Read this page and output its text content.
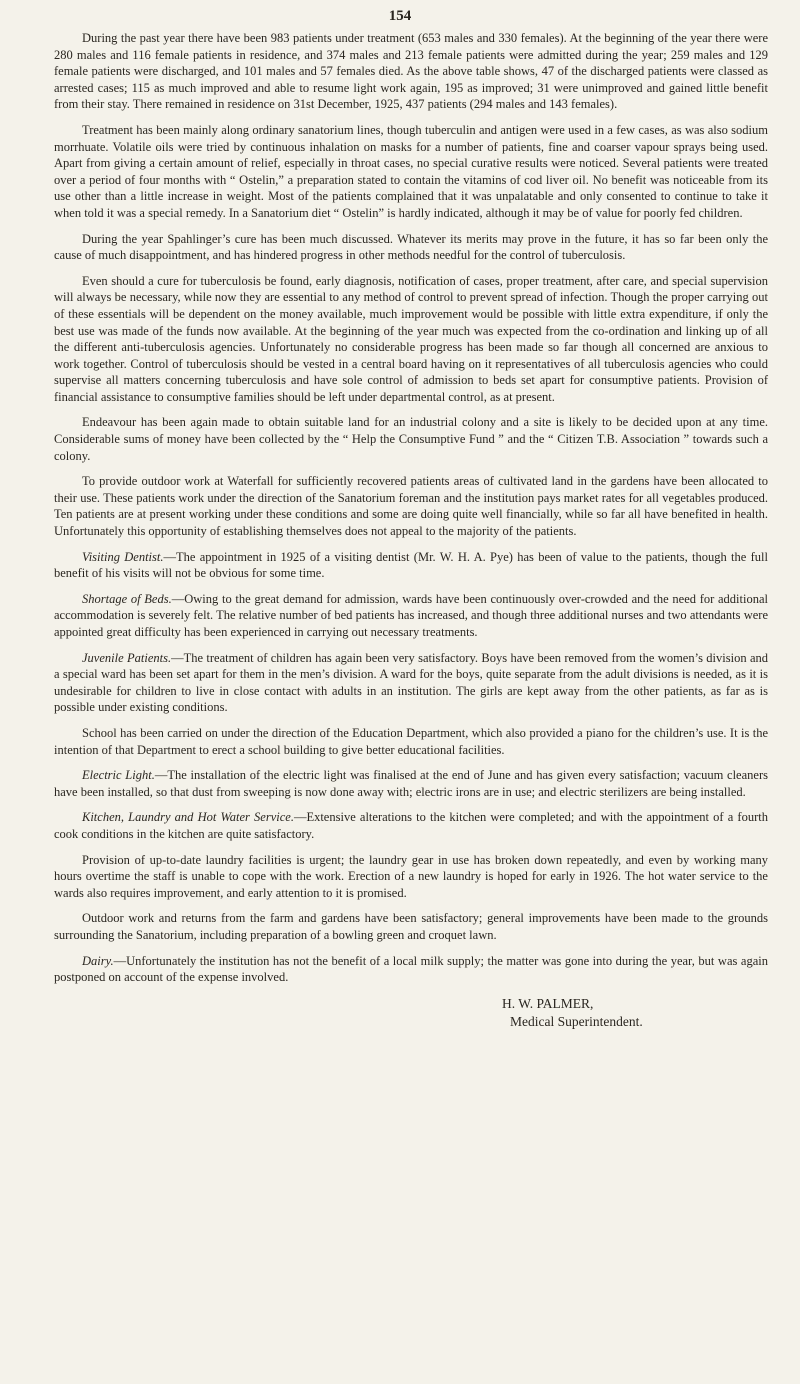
154

During the past year there have been 983 patients under treatment (653 males and 330 females). At the beginning of the year there were 280 males and 116 female patients in residence, and 374 males and 213 female patients were admitted during the year; 259 males and 129 female patients were discharged, and 101 males and 57 females died. As the above table shows, 47 of the discharged patients were classed as arrested cases; 115 as much improved and able to resume light work again, 195 as improved; 31 were unimproved and gained little benefit from their stay. There remained in residence on 31st December, 1925, 437 patients (294 males and 143 females).

Treatment has been mainly along ordinary sanatorium lines, though tuberculin and antigen were used in a few cases, as was also sodium morrhuate. Volatile oils were tried by continuous inhalation on masks for a number of patients, fine and coarser vapour sprays being used. Apart from giving a certain amount of relief, especially in throat cases, no special curative results were noticed. Several patients were treated over a period of four months with “ Ostelin,” a preparation stated to contain the vitamins of cod liver oil. No benefit was noticeable from its use other than a little increase in weight. Most of the patients complained that it was unpalatable and only consented to continue to take it when told it was a special remedy. In a Sanatorium diet “ Ostelin” is hardly indicated, although it may be of value for poorly fed children.

During the year Spahlinger’s cure has been much discussed. Whatever its merits may prove in the future, it has so far been only the cause of much disappointment, and has hindered progress in other methods needful for the control of tuberculosis.

Even should a cure for tuberculosis be found, early diagnosis, notification of cases, proper treatment, after care, and special supervision will always be necessary, while now they are essential to any method of control to prevent spread of infection. Though the proper carrying out of these essentials will be dependent on the money available, much improvement would be possible with little extra expenditure, if only the best use was made of the funds now available. At the beginning of the year much was expected from the co-ordination and linking up of all the different anti-tuberculosis agencies. Unfortunately no considerable progress has been made so far though all concerned are anxious to work together. Control of tuberculosis should be vested in a central board having on it representatives of all tuberculosis agencies who could supervise all matters concerning tuberculosis and have sole control of admission to beds set apart for consumptive patients. Provision of financial assistance to consumptive families should be left under departmental control, as at present.

Endeavour has been again made to obtain suitable land for an industrial colony and a site is likely to be decided upon at any time. Considerable sums of money have been collected by the “ Help the Consumptive Fund ” and the “ Citizen T.B. Association ” towards such a colony.

To provide outdoor work at Waterfall for sufficiently recovered patients areas of cultivated land in the gardens have been allocated to their use. These patients work under the direction of the Sanatorium foreman and the institution pays market rates for all vegetables produced. Ten patients are at present working under these conditions and some are doing quite well financially, while so far all have benefited in health. Unfortunately this opportunity of establishing themselves does not appeal to the majority of the patients.

Visiting Dentist.—The appointment in 1925 of a visiting dentist (Mr. W. H. A. Pye) has been of value to the patients, though the full benefit of his visits will not be obvious for some time.

Shortage of Beds.—Owing to the great demand for admission, wards have been continuously over-crowded and the need for additional accommodation is severely felt. The relative number of bed patients has increased, and though three additional nurses and two attendants were appointed great difficulty has been experienced in carrying out necessary treatments.

Juvenile Patients.—The treatment of children has again been very satisfactory. Boys have been removed from the women’s division and a special ward has been set apart for them in the men’s division. A ward for the boys, quite separate from the adult divisions is needed, as it is undesirable for children to live in close contact with adults in an institution. The girls are kept away from the other patients, as far as is possible under existing conditions.

School has been carried on under the direction of the Education Department, which also provided a piano for the children’s use. It is the intention of that Department to erect a school building to give better educational facilities.

Electric Light.—The installation of the electric light was finalised at the end of June and has given every satisfaction; vacuum cleaners have been installed, so that dust from sweeping is now done away with; electric irons are in use; and electric sterilizers are being installed.

Kitchen, Laundry and Hot Water Service.—Extensive alterations to the kitchen were completed; and with the appointment of a fourth cook conditions in the kitchen are quite satisfactory.

Provision of up-to-date laundry facilities is urgent; the laundry gear in use has broken down repeatedly, and even by working many hours overtime the staff is unable to cope with the work. Erection of a new laundry is hoped for early in 1926. The hot water service to the wards also requires improvement, and early attention to it is promised.

Outdoor work and returns from the farm and gardens have been satisfactory; general improvements have been made to the grounds surrounding the Sanatorium, including preparation of a bowling green and croquet lawn.

Dairy.—Unfortunately the institution has not the benefit of a local milk supply; the matter was gone into during the year, but was again postponed on account of the expense involved.

H. W. PALMER,
Medical Superintendent.
